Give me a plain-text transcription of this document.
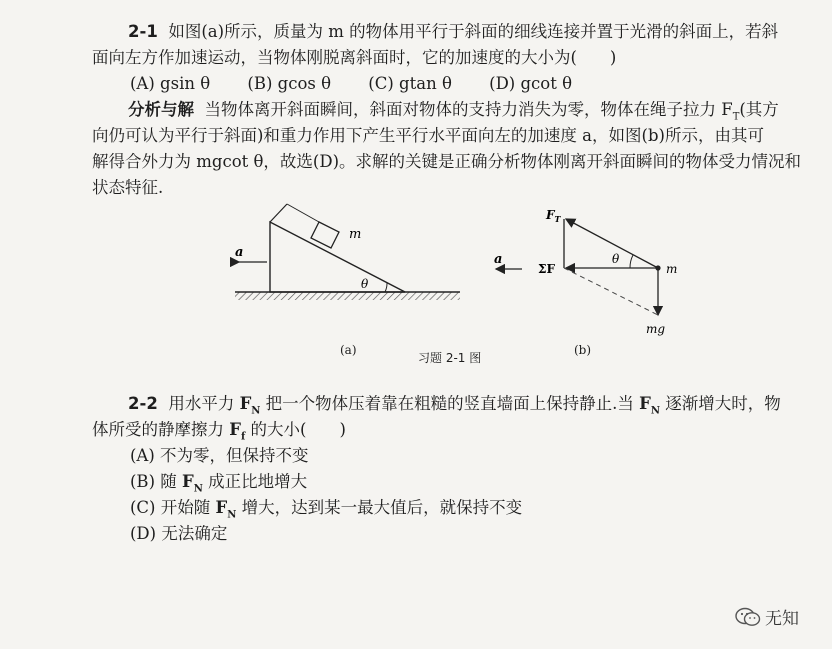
2-1 如图(a)所示，质量为 m 的物体用平行于斜面的细线连接并置于光滑的斜面上，若斜
面向左方作加速运动，当物体刚脱离斜面时，它的加速度的大小为(　　)
(A) gsin θ (B) gcos θ (C) gtan θ (D) gcot θ
分析与解 当物体离开斜面瞬间，斜面对物体的支持力消失为零，物体在绳子拉力 $F_T$(其方
向仍可认为平行于斜面)和重力作用下产生平行水平面向左的加速度 a，如图(b)所示，由其可
解得合外力为 mgcot θ，故选(D)。求解的关键是正确分析物体刚离开斜面瞬间的物体受力情况和
状态特征.
m
a
θ
(a)
θ
$F_T$
ΣF	m
mg
a
(b)
习题 2-1 图
2-2 用水平力 $F_N$ 把一个物体压着靠在粗糙的竖直墙面上保持静止.当 $F_N$ 逐渐增大时，物
体所受的静摩擦力 $F_f$ 的大小(　　)
(A) 不为零，但保持不变
(B) 随 $F_N$ 成正比地增大
(C) 开始随 $F_N$ 增大，达到某一最大值后，就保持不变
(D) 无法确定
无知
